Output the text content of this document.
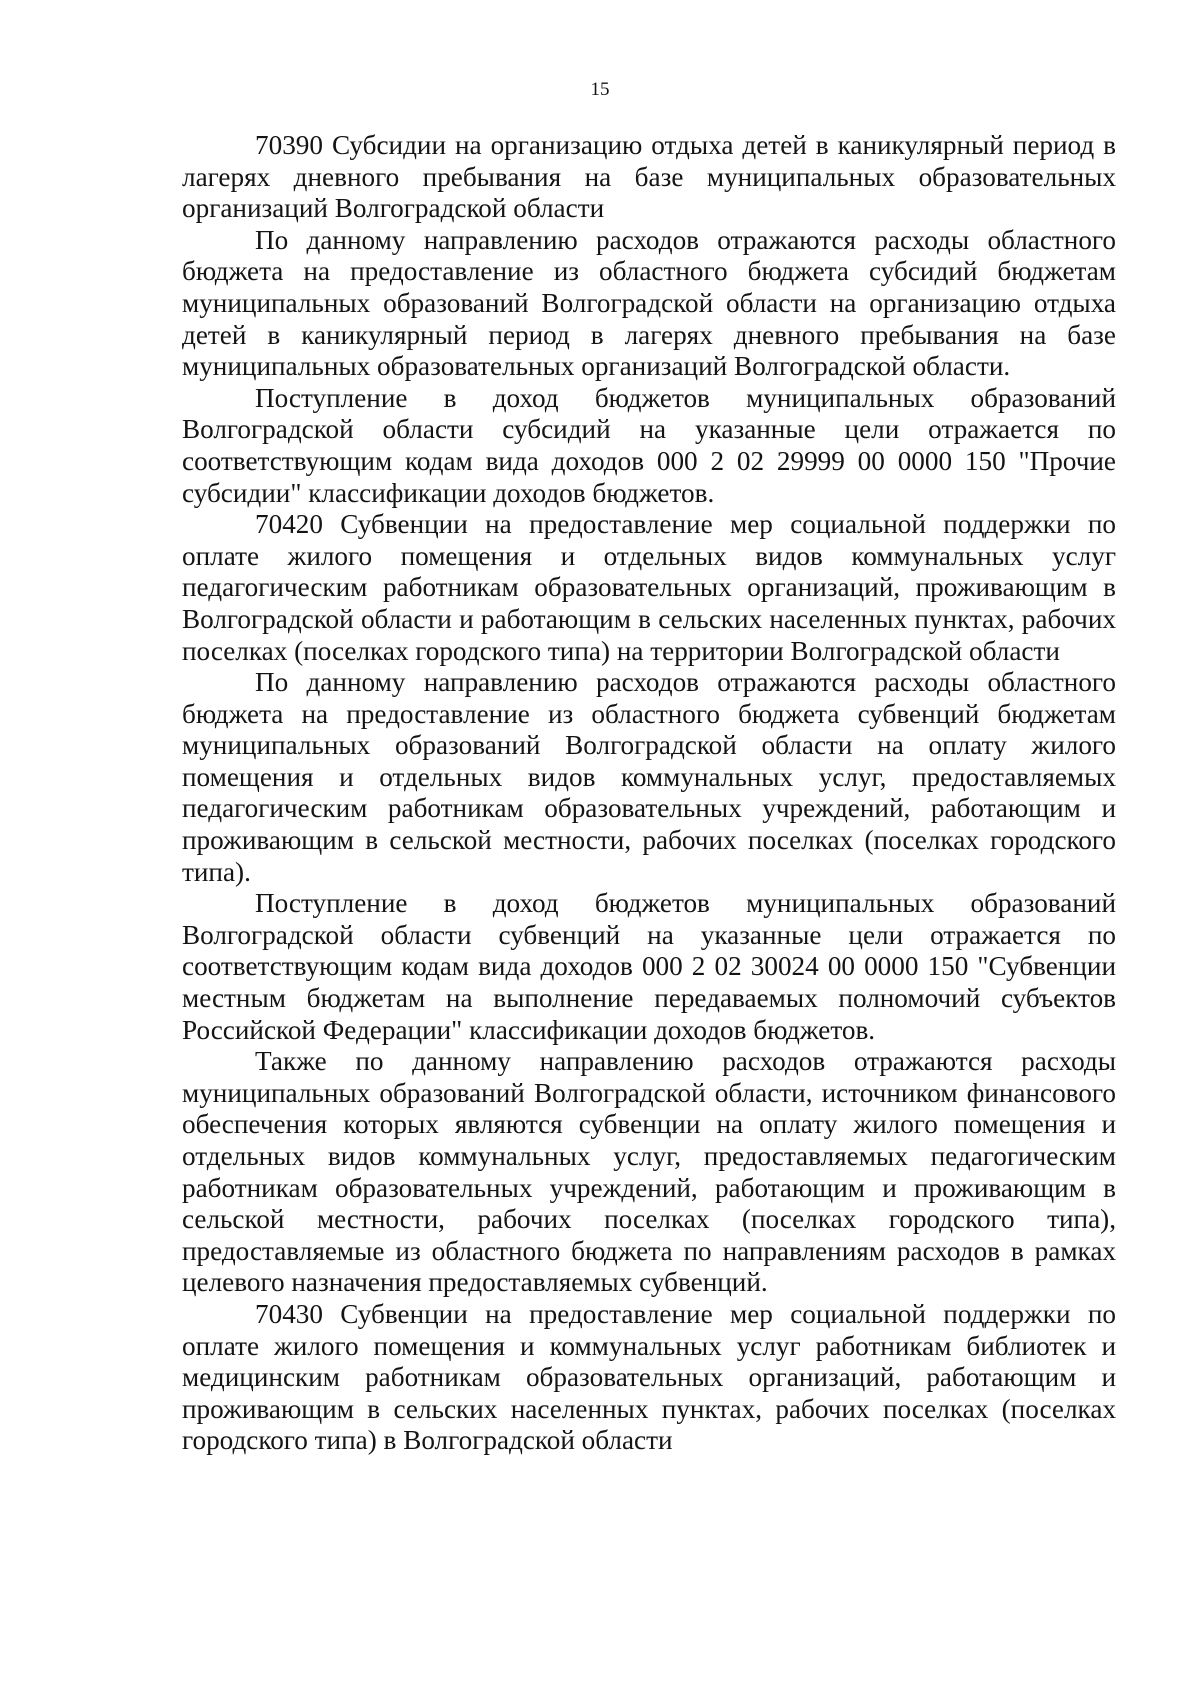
15

70390 Субсидии на организацию отдыха детей в каникулярный период в лагерях дневного пребывания на базе муниципальных образовательных организаций Волгоградской области

По данному направлению расходов отражаются расходы областного бюджета на предоставление из областного бюджета субсидий бюджетам муниципальных образований Волгоградской области на организацию отдыха детей в каникулярный период в лагерях дневного пребывания на базе муниципальных образовательных организаций Волгоградской области.

Поступление в доход бюджетов муниципальных образований Волгоградской области субсидий на указанные цели отражается по соответствующим кодам вида доходов 000 2 02 29999 00 0000 150 "Прочие субсидии" классификации доходов бюджетов.

70420 Субвенции на предоставление мер социальной поддержки по оплате жилого помещения и отдельных видов коммунальных услуг педагогическим работникам образовательных организаций, проживающим в Волгоградской области и работающим в сельских населенных пунктах, рабочих поселках (поселках городского типа) на территории Волгоградской области

По данному направлению расходов отражаются расходы областного бюджета на предоставление из областного бюджета субвенций бюджетам муниципальных образований Волгоградской области на оплату жилого помещения и отдельных видов коммунальных услуг, предоставляемых педагогическим работникам образовательных учреждений, работающим и проживающим в сельской местности, рабочих поселках (поселках городского типа).

Поступление в доход бюджетов муниципальных образований Волгоградской области субвенций на указанные цели отражается по соответствующим кодам вида доходов 000 2 02 30024 00 0000 150 "Субвенции местным бюджетам на выполнение передаваемых полномочий субъектов Российской Федерации" классификации доходов бюджетов.

Также по данному направлению расходов отражаются расходы муниципальных образований Волгоградской области, источником финансового обеспечения которых являются субвенции на оплату жилого помещения и отдельных видов коммунальных услуг, предоставляемых педагогическим работникам образовательных учреждений, работающим и проживающим в сельской местности, рабочих поселках (поселках городского типа), предоставляемые из областного бюджета по направлениям расходов в рамках целевого назначения предоставляемых субвенций.

70430 Субвенции на предоставление мер социальной поддержки по оплате жилого помещения и коммунальных услуг работникам библиотек и медицинским работникам образовательных организаций, работающим и проживающим в сельских населенных пунктах, рабочих поселках (поселках городского типа) в Волгоградской области
